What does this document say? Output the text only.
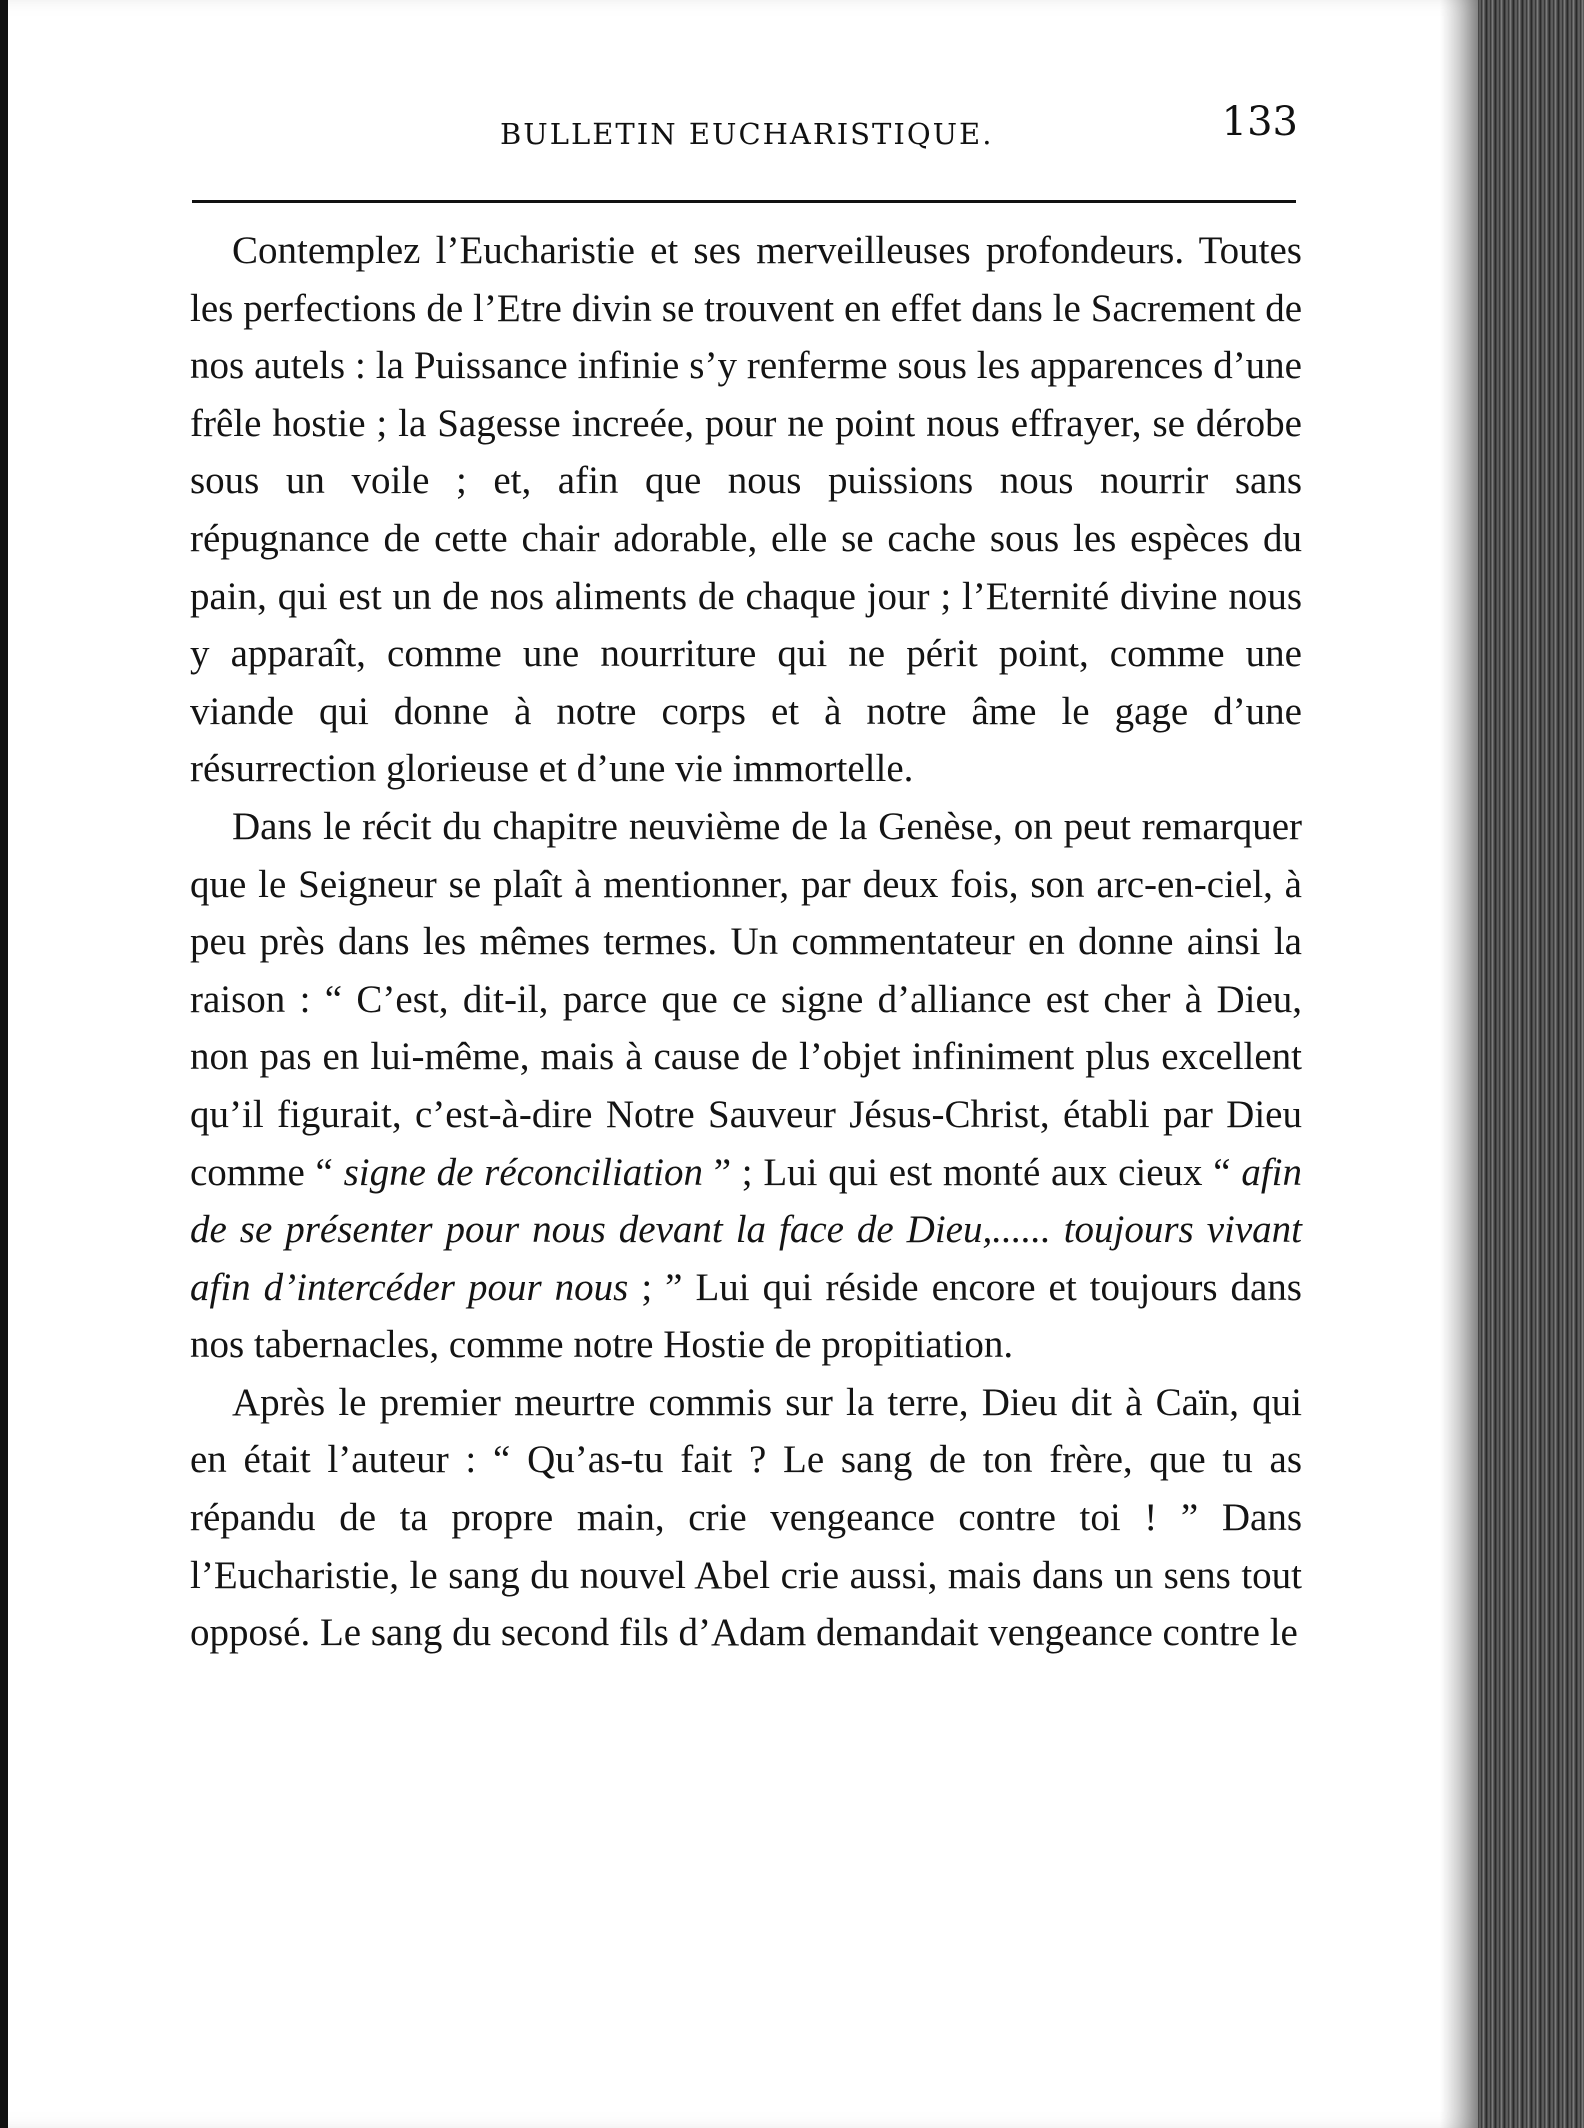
BULLETIN EUCHARISTIQUE.	133

Contemplez l’Eucharistie et ses merveilleuses profondeurs. Toutes les perfections de l’Etre divin se trouvent en effet dans le Sacrement de nos autels : la Puissance infinie s’y renferme sous les apparences d’une frêle hostie ; la Sagesse increée, pour ne point nous effrayer, se dérobe sous un voile ; et, afin que nous puissions nous nourrir sans répugnance de cette chair adorable, elle se cache sous les espèces du pain, qui est un de nos aliments de chaque jour ; l’Eternité divine nous y apparaît, comme une nourriture qui ne périt point, comme une viande qui donne à notre corps et à notre âme le gage d’une résurrection glorieuse et d’une vie immortelle.

Dans le récit du chapitre neuvième de la Genèse, on peut remarquer que le Seigneur se plaît à mentionner, par deux fois, son arc-en-ciel, à peu près dans les mêmes termes. Un commentateur en donne ainsi la raison : “ C’est, dit-il, parce que ce signe d’alliance est cher à Dieu, non pas en lui-même, mais à cause de l’objet infiniment plus excellent qu’il figurait, c’est-à-dire Notre Sauveur Jésus-Christ, établi par Dieu comme “ signe de réconciliation ” ; Lui qui est monté aux cieux “ afin de se présenter pour nous devant la face de Dieu,...... toujours vivant afin d’intercéder pour nous ; ” Lui qui réside encore et toujours dans nos tabernacles, comme notre Hostie de propitiation.

Après le premier meurtre commis sur la terre, Dieu dit à Caïn, qui en était l’auteur : “ Qu’as-tu fait ? Le sang de ton frère, que tu as répandu de ta propre main, crie vengeance contre toi ! ” Dans l’Eucharistie, le sang du nouvel Abel crie aussi, mais dans un sens tout opposé. Le sang du second fils d’Adam demandait vengeance contre le
